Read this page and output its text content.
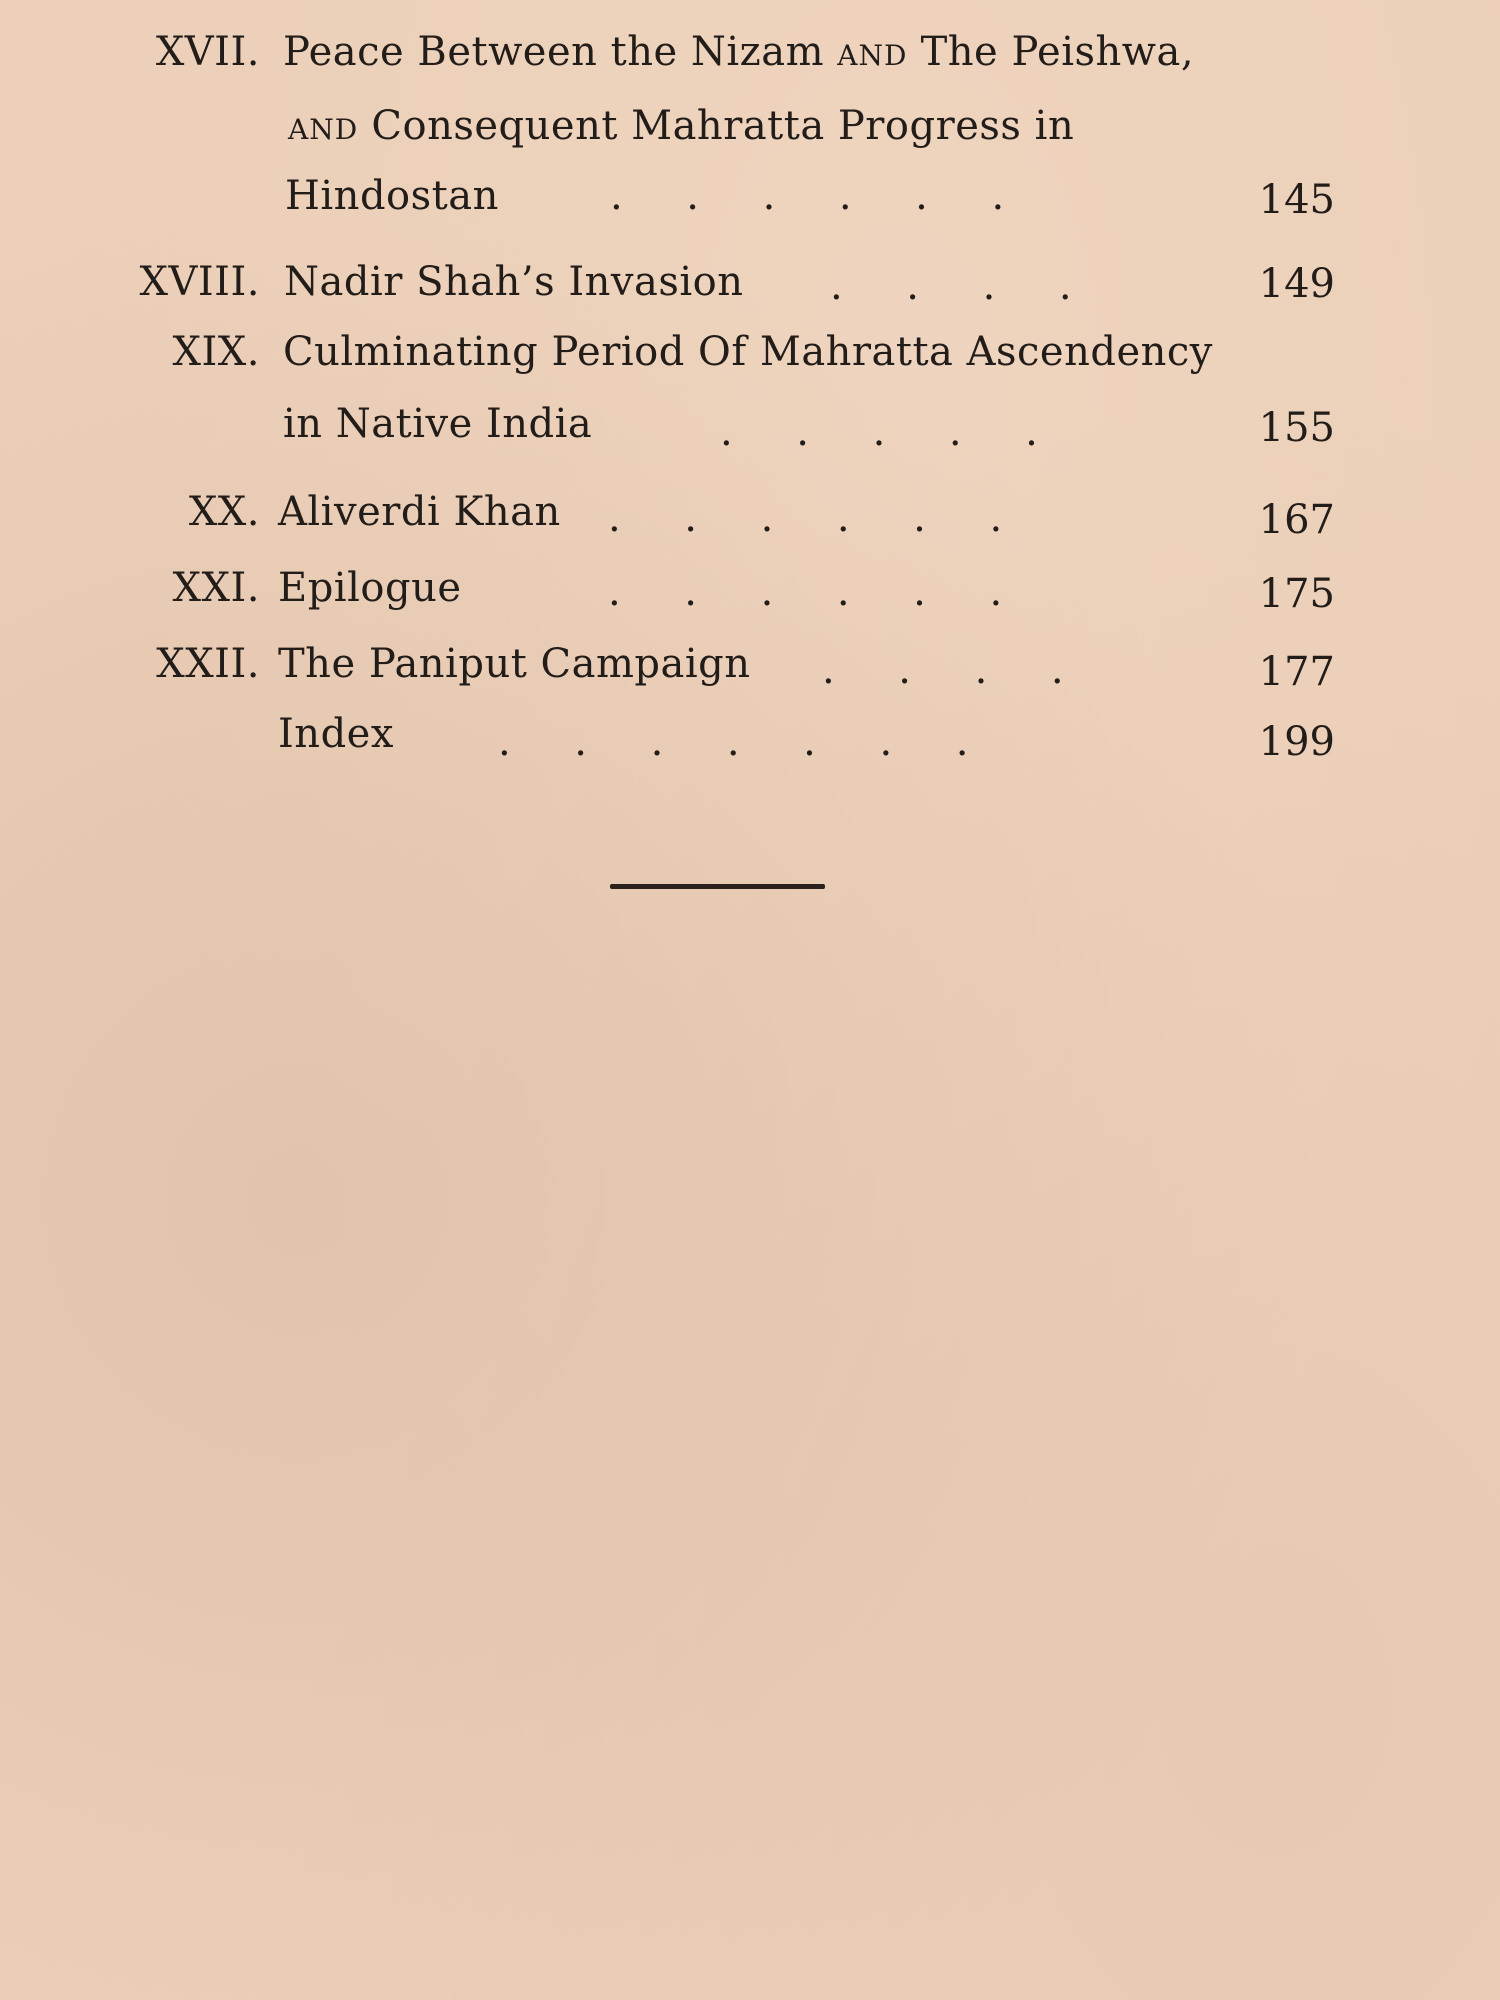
XVII. Peace Between the Nizam AND The Peishwa,
AND Consequent Mahratta Progress in
Hindostan	.     .     .     .     .     .	145
XVIII. Nadir Shah’s Invasion .     .     .     .	149
XIX. Culminating Period Of Mahratta Ascendency
in Native India	.     .     .     .     .	155
XX. Aliverdi Khan .     .     .     .     .     .	167
XXI. Epilogue	.     .     .     .     .     .	175
XXII. The Paniput Campaign .     .     .     .	177
Index	.     .     .     .     .     .     .	199
